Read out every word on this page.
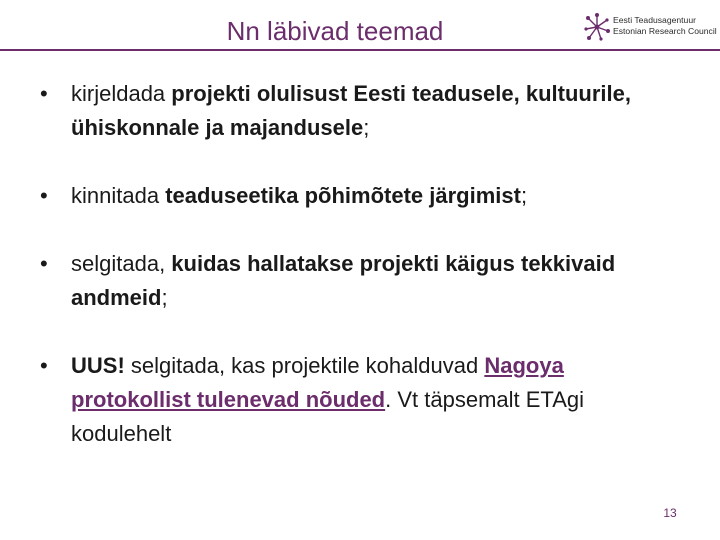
Nn läbivad teemad	Eesti Teadusagentuur
Estonian Research Council
• kirjeldada projekti olulisust Eesti teadusele, kultuurile, ühiskonnale ja majandusele;
• kinnitada teaduseetika põhimõtete järgimist;
• selgitada, kuidas hallatakse projekti käigus tekkivaid andmeid;
• UUS! selgitada, kas projektile kohalduvad Nagoya protokollist tulenevad nõuded. Vt täpsemalt ETAgi kodulehelt
13
